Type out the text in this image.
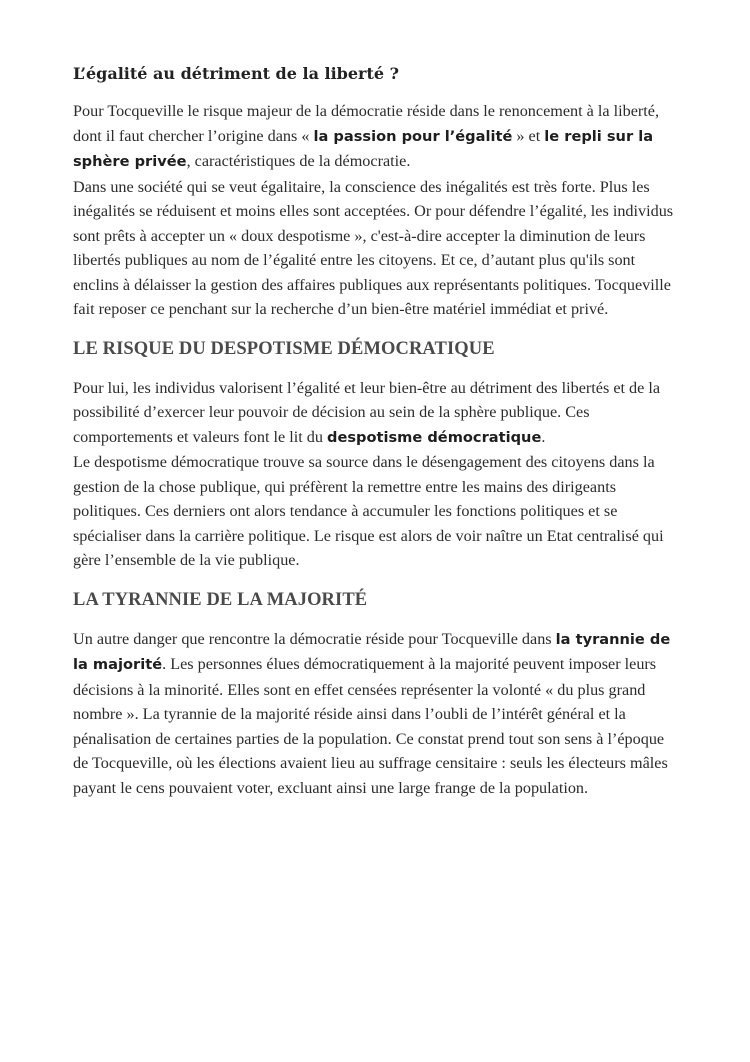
L’égalité au détriment de la liberté ?

Pour Tocqueville le risque majeur de la démocratie réside dans le renoncement à la liberté, dont il faut chercher l’origine dans « la passion pour l’égalité » et le repli sur la sphère privée, caractéristiques de la démocratie.

Dans une société qui se veut égalitaire, la conscience des inégalités est très forte. Plus les inégalités se réduisent et moins elles sont acceptées. Or pour défendre l’égalité, les individus sont prêts à accepter un « doux despotisme », c'est-à-dire accepter la diminution de leurs libertés publiques au nom de l’égalité entre les citoyens. Et ce, d’autant plus qu'ils sont enclins à délaisser la gestion des affaires publiques aux représentants politiques. Tocqueville fait reposer ce penchant sur la recherche d’un bien-être matériel immédiat et privé.

LE RISQUE DU DESPOTISME DÉMOCRATIQUE

Pour lui, les individus valorisent l’égalité et leur bien-être au détriment des libertés et de la possibilité d’exercer leur pouvoir de décision au sein de la sphère publique. Ces comportements et valeurs font le lit du despotisme démocratique.

Le despotisme démocratique trouve sa source dans le désengagement des citoyens dans la gestion de la chose publique, qui préfèrent la remettre entre les mains des dirigeants politiques. Ces derniers ont alors tendance à accumuler les fonctions politiques et se spécialiser dans la carrière politique. Le risque est alors de voir naître un Etat centralisé qui gère l’ensemble de la vie publique.

LA TYRANNIE DE LA MAJORITÉ

Un autre danger que rencontre la démocratie réside pour Tocqueville dans la tyrannie de la majorité. Les personnes élues démocratiquement à la majorité peuvent imposer leurs décisions à la minorité. Elles sont en effet censées représenter la volonté « du plus grand nombre ». La tyrannie de la majorité réside ainsi dans l’oubli de l’intérêt général et la pénalisation de certaines parties de la population. Ce constat prend tout son sens à l’époque de Tocqueville, où les élections avaient lieu au suffrage censitaire : seuls les électeurs mâles payant le cens pouvaient voter, excluant ainsi une large frange de la population.
